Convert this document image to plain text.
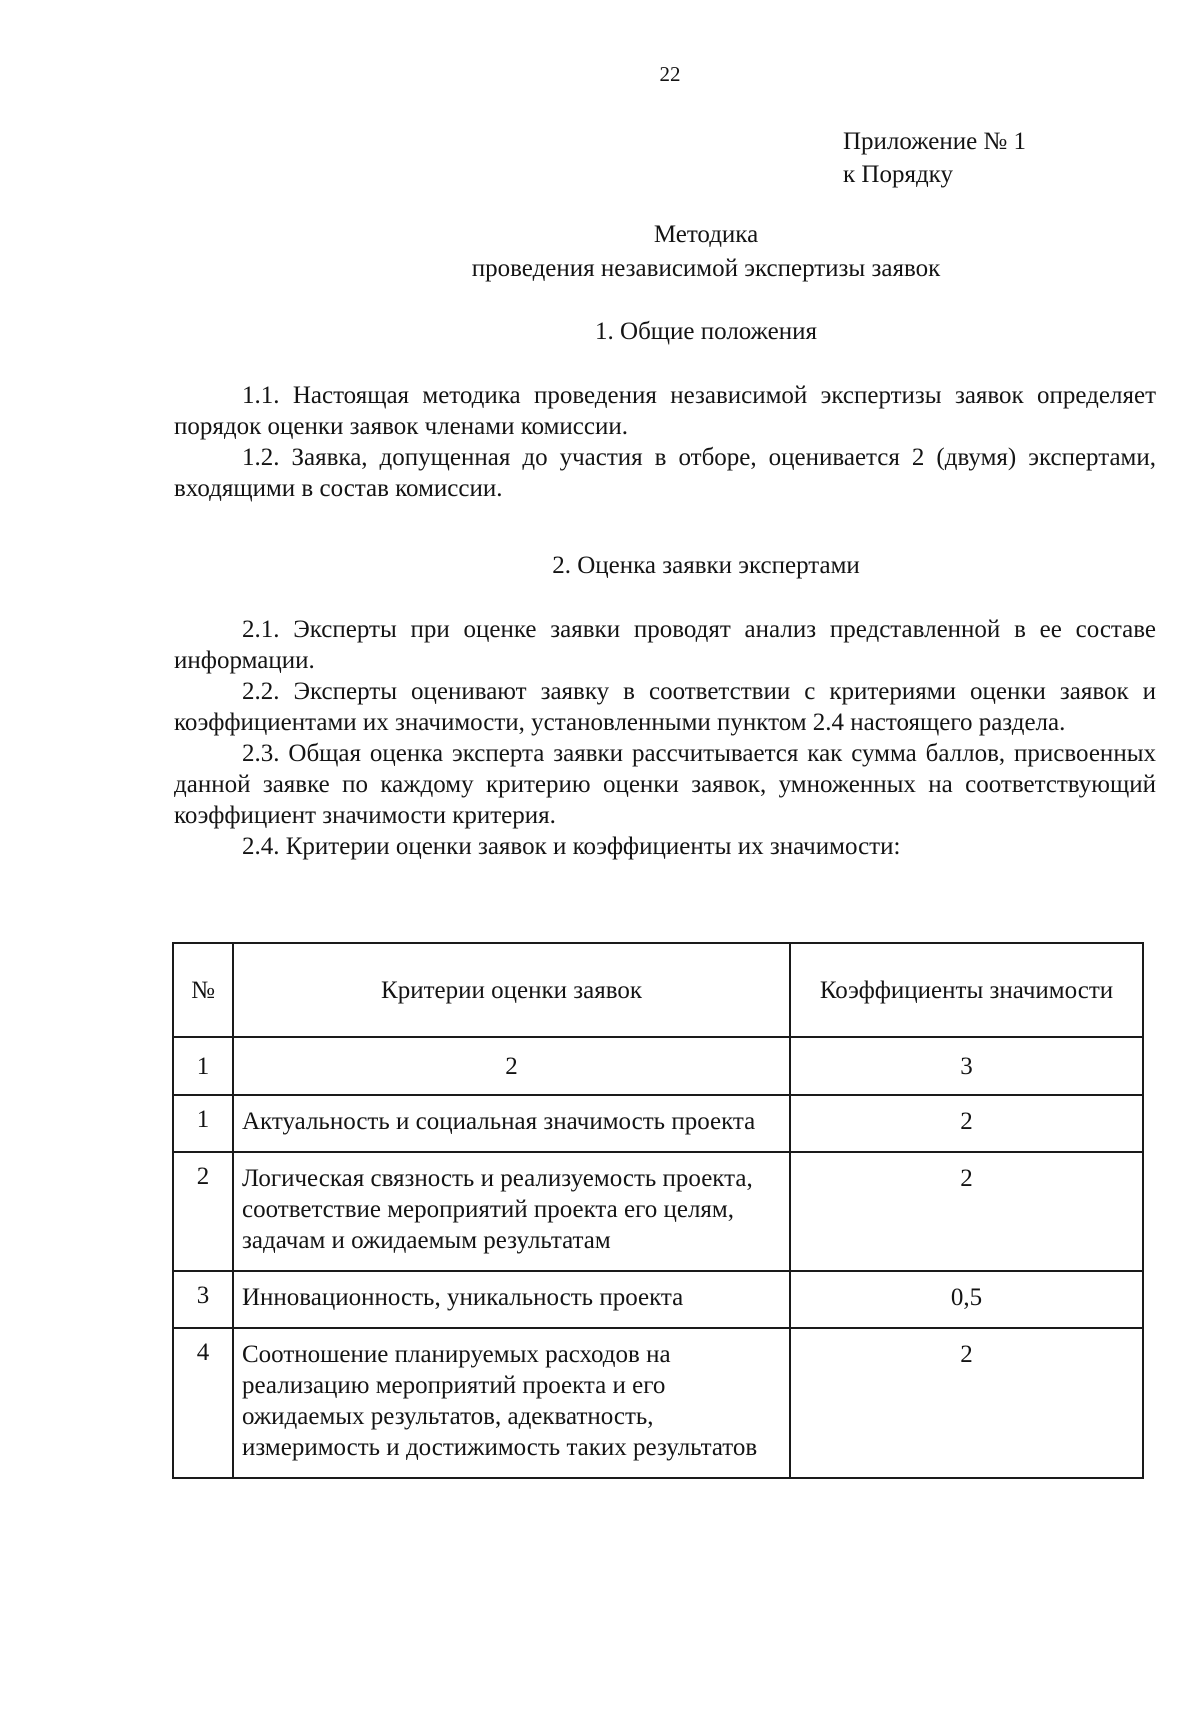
22
Приложение № 1
к Порядку
Методика
проведения независимой экспертизы заявок
1. Общие положения

1.1. Настоящая методика проведения независимой экспертизы заявок определяет порядок оценки заявок членами комиссии.

1.2. Заявка, допущенная до участия в отборе, оценивается 2 (двумя) экспертами, входящими в состав комиссии.

2. Оценка заявки экспертами

2.1. Эксперты при оценке заявки проводят анализ представленной в ее составе информации.

2.2. Эксперты оценивают заявку в соответствии с критериями оценки заявок и коэффициентами их значимости, установленными пунктом 2.4 настоящего раздела.

2.3. Общая оценка эксперта заявки рассчитывается как сумма баллов, присвоенных данной заявке по каждому критерию оценки заявок, умноженных на соответствующий коэффициент значимости критерия.

2.4. Критерии оценки заявок и коэффициенты их значимости:

№	Критерии оценки заявок	Коэффициенты значимости
1	2	3
1	Актуальность и социальная значимость проекта	2
2	Логическая связность и реализуемость проекта, соответствие мероприятий проекта его целям, задачам и ожидаемым результатам	2
3	Инновационность, уникальность проекта	0,5
4	Соотношение планируемых расходов на реализацию мероприятий проекта и его ожидаемых результатов, адекватность, измеримость и достижимость таких результатов	2
